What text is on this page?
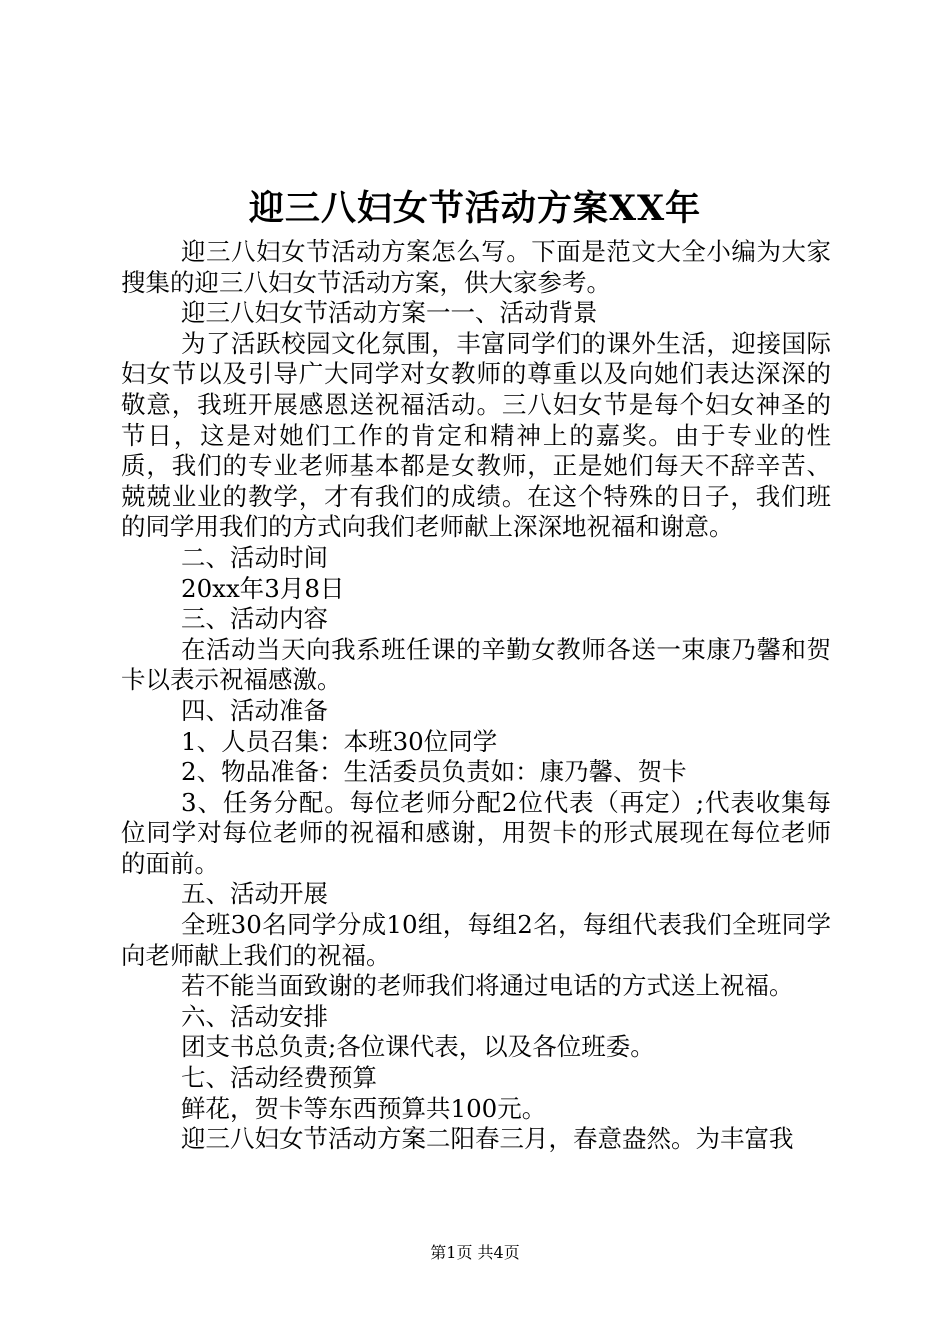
迎三八妇女节活动方案XX年

迎三八妇女节活动方案怎么写。下面是范文大全小编为大家搜集的迎三八妇女节活动方案，供大家参考。

迎三八妇女节活动方案一一、活动背景

为了活跃校园文化氛围，丰富同学们的课外生活，迎接国际妇女节以及引导广大同学对女教师的尊重以及向她们表达深深的敬意，我班开展感恩送祝福活动。三八妇女节是每个妇女神圣的节日，这是对她们工作的肯定和精神上的嘉奖。由于专业的性质，我们的专业老师基本都是女教师，正是她们每天不辞辛苦、兢兢业业的教学，才有我们的成绩。在这个特殊的日子，我们班的同学用我们的方式向我们老师献上深深地祝福和谢意。

二、活动时间

20xx年3月8日

三、活动内容

在活动当天向我系班任课的辛勤女教师各送一束康乃馨和贺卡以表示祝福感激。

四、活动准备

1、人员召集：本班30位同学

2、物品准备：生活委员负责如：康乃馨、贺卡

3、任务分配。每位老师分配2位代表（再定）;代表收集每位同学对每位老师的祝福和感谢，用贺卡的形式展现在每位老师的面前。

五、活动开展

全班30名同学分成10组，每组2名，每组代表我们全班同学向老师献上我们的祝福。

若不能当面致谢的老师我们将通过电话的方式送上祝福。

六、活动安排

团支书总负责;各位课代表，以及各位班委。

七、活动经费预算

鲜花，贺卡等东西预算共100元。

迎三八妇女节活动方案二阳春三月，春意盎然。为丰富我

第1页 共4页
